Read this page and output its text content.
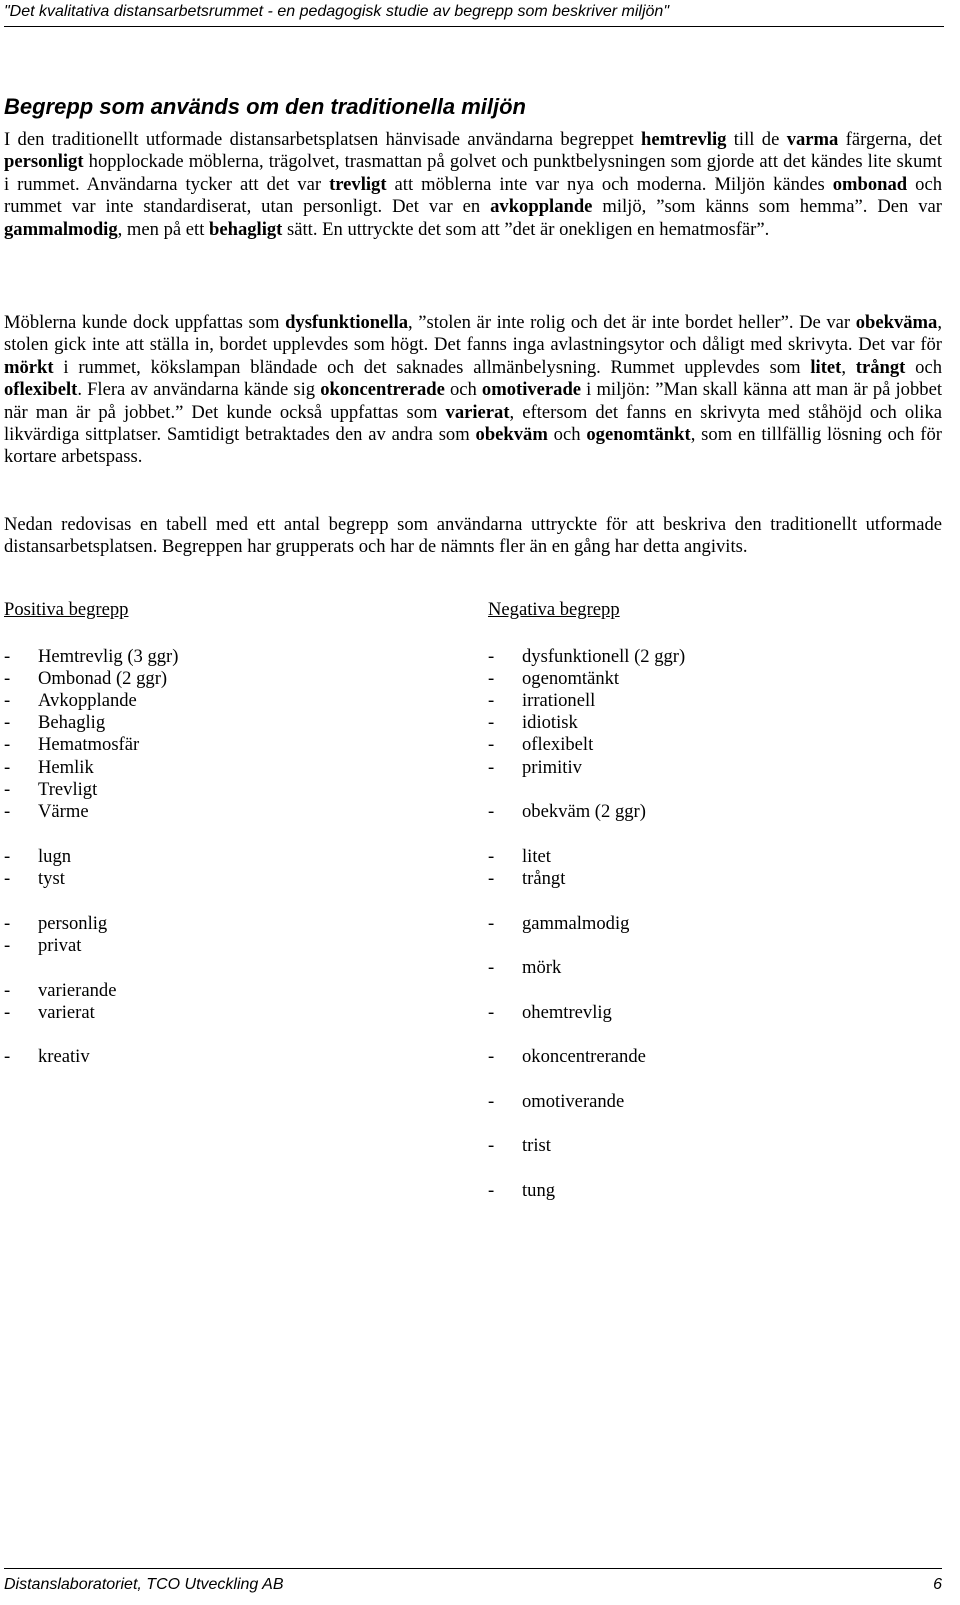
"Det kvalitativa distansarbetsrummet - en pedagogisk studie av begrepp som beskriver miljön"
Begrepp som används om den traditionella miljön

I den traditionellt utformade distansarbetsplatsen hänvisade användarna begreppet hemtrevlig till de varma färgerna, det personligt hopplockade möblerna, trägolvet, trasmattan på golvet och punktbelysningen som gjorde att det kändes lite skumt i rummet. Användarna tycker att det var trevligt att möblerna inte var nya och moderna. Miljön kändes ombonad och rummet var inte standardiserat, utan personligt. Det var en avkopplande miljö, ”som känns som hemma”. Den var gammalmodig, men på ett behagligt sätt. En uttryckte det som att ”det är onekligen en hematmosfär”.

Möblerna kunde dock uppfattas som dysfunktionella, ”stolen är inte rolig och det är inte bordet heller”. De var obekväma, stolen gick inte att ställa in, bordet upplevdes som högt. Det fanns inga avlastningsytor och dåligt med skrivyta. Det var för mörkt i rummet, kökslampan bländade och det saknades allmänbelysning. Rummet upplevdes som litet, trångt och oflexibelt. Flera av användarna kände sig okoncentrerade och omotiverade i miljön: ”Man skall känna att man är på jobbet när man är på jobbet.” Det kunde också uppfattas som varierat, eftersom det fanns en skrivyta med ståhöjd och olika likvärdiga sittplatser. Samtidigt betraktades den av andra som obekväm och ogenomtänkt, som en tillfällig lösning och för kortare arbetspass.

Nedan redovisas en tabell med ett antal begrepp som användarna uttryckte för att beskriva den traditionellt utformade distansarbetsplatsen. Begreppen har grupperats och har de nämnts fler än en gång har detta angivits.

Positiva begrepp	Negativa begrepp
- Hemtrevlig (3 ggr)
- Ombonad (2 ggr)
- Avkopplande
- Behaglig
- Hematmosfär
- Hemlik
- Trevligt
- Värme
- lugn
- tyst
- personlig
- privat
- varierande
- varierat
- kreativ
- dysfunktionell (2 ggr)
- ogenomtänkt
- irrationell
- idiotisk
- oflexibelt
- primitiv
- obekväm (2 ggr)
- litet
- trångt
- gammalmodig
- mörk
- ohemtrevlig
- okoncentrerande
- omotiverande
- trist
- tung
Distanslaboratoriet, TCO Utveckling AB	6
